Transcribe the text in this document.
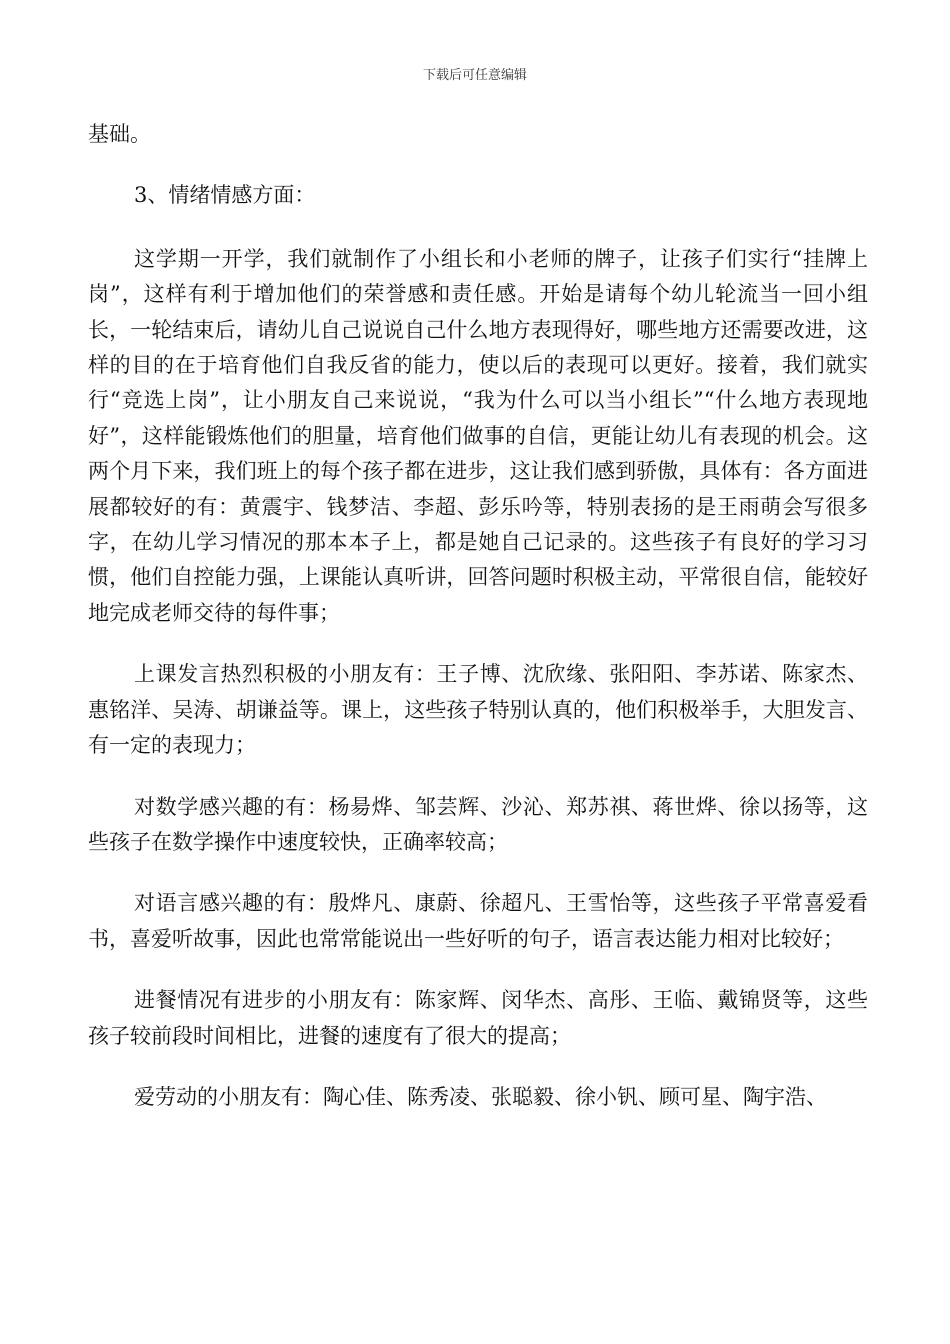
下载后可任意编辑

基础。

3、情绪情感方面：

这学期一开学，我们就制作了小组长和小老师的牌子，让孩子们实行“挂牌上岗”，这样有利于增加他们的荣誉感和责任感。开始是请每个幼儿轮流当一回小组长，一轮结束后，请幼儿自己说说自己什么地方表现得好，哪些地方还需要改进，这样的目的在于培育他们自我反省的能力，使以后的表现可以更好。接着，我们就实行“竞选上岗”，让小朋友自己来说说，“我为什么可以当小组长”“什么地方表现地好”，这样能锻炼他们的胆量，培育他们做事的自信，更能让幼儿有表现的机会。这两个月下来，我们班上的每个孩子都在进步，这让我们感到骄傲，具体有：各方面进展都较好的有：黄震宇、钱梦洁、李超、彭乐吟等，特别表扬的是王雨萌会写很多字，在幼儿学习情况的那本本子上，都是她自己记录的。这些孩子有良好的学习习惯，他们自控能力强，上课能认真听讲，回答问题时积极主动，平常很自信，能较好地完成老师交待的每件事；

上课发言热烈积极的小朋友有：王子博、沈欣缘、张阳阳、李苏诺、陈家杰、惠铭洋、吴涛、胡谦益等。课上，这些孩子特别认真的，他们积极举手，大胆发言、有一定的表现力；

对数学感兴趣的有：杨昜烨、邹芸辉、沙沁、郑苏祺、蒋世烨、徐以扬等，这些孩子在数学操作中速度较快，正确率较高；

对语言感兴趣的有：殷烨凡、康蔚、徐超凡、王雪怡等，这些孩子平常喜爱看书，喜爱听故事，因此也常常能说出一些好听的句子，语言表达能力相对比较好；

进餐情况有进步的小朋友有：陈家辉、闵华杰、高彤、王临、戴锦贤等，这些孩子较前段时间相比，进餐的速度有了很大的提高；

爱劳动的小朋友有：陶心佳、陈秀凌、张聪毅、徐小钒、顾可星、陶宇浩、
